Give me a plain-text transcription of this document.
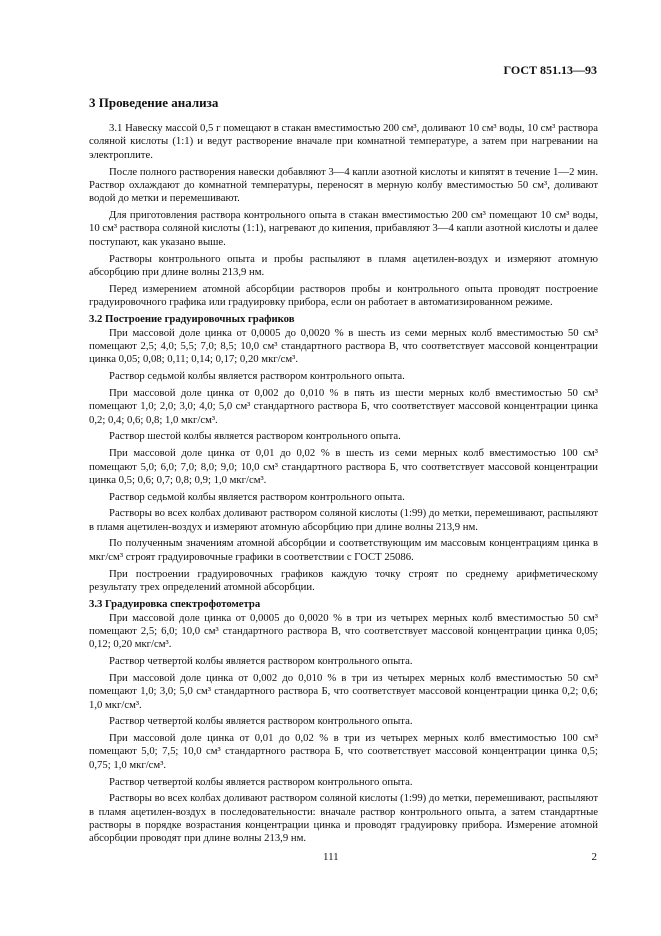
ГОСТ 851.13—93
3 Проведение анализа

3.1 Навеску массой 0,5 г помещают в стакан вместимостью 200 см³, доливают 10 см³ воды, 10 см³ раствора соляной кислоты (1:1) и ведут растворение вначале при комнатной температуре, а затем при нагревании на электроплите.

После полного растворения навески добавляют 3—4 капли азотной кислоты и кипятят в течение 1—2 мин. Раствор охлаждают до комнатной температуры, переносят в мерную колбу вместимостью 50 см³, доливают водой до метки и перемешивают.

Для приготовления раствора контрольного опыта в стакан вместимостью 200 см³ помещают 10 см³ воды, 10 см³ раствора соляной кислоты (1:1), нагревают до кипения, прибавляют 3—4 капли азотной кислоты и далее поступают, как указано выше.

Растворы контрольного опыта и пробы распыляют в пламя ацетилен-воздух и измеряют атомную абсорбцию при длине волны 213,9 нм.

Перед измерением атомной абсорбции растворов пробы и контрольного опыта проводят построение градуировочного графика или градуировку прибора, если он работает в автоматизированном режиме.

3.2 Построение градуировочных графиков

При массовой доле цинка от 0,0005 до 0,0020 % в шесть из семи мерных колб вместимостью 50 см³ помещают 2,5; 4,0; 5,5; 7,0; 8,5; 10,0 см³ стандартного раствора В, что соответствует массовой концентрации цинка 0,05; 0,08; 0,11; 0,14; 0,17; 0,20 мкг/см³.

Раствор седьмой колбы является раствором контрольного опыта.

При массовой доле цинка от 0,002 до 0,010 % в пять из шести мерных колб вместимостью 50 см³ помещают 1,0; 2,0; 3,0; 4,0; 5,0 см³ стандартного раствора Б, что соответствует массовой концентрации цинка 0,2; 0,4; 0,6; 0,8; 1,0 мкг/см³.

Раствор шестой колбы является раствором контрольного опыта.

При массовой доле цинка от 0,01 до 0,02 % в шесть из семи мерных колб вместимостью 100 см³ помещают 5,0; 6,0; 7,0; 8,0; 9,0; 10,0 см³ стандартного раствора Б, что соответствует массовой концентрации цинка 0,5; 0,6; 0,7; 0,8; 0,9; 1,0 мкг/см³.

Раствор седьмой колбы является раствором контрольного опыта.

Растворы во всех колбах доливают раствором соляной кислоты (1:99) до метки, перемешивают, распыляют в пламя ацетилен-воздух и измеряют атомную абсорбцию при длине волны 213,9 нм.

По полученным значениям атомной абсорбции и соответствующим им массовым концентрациям цинка в мкг/см³ строят градуировочные графики в соответствии с ГОСТ 25086.

При построении градуировочных графиков каждую точку строят по среднему арифметическому результату трех определений атомной абсорбции.

3.3 Градуировка спектрофотометра

При массовой доле цинка от 0,0005 до 0,0020 % в три из четырех мерных колб вместимостью 50 см³ помещают 2,5; 6,0; 10,0 см³ стандартного раствора В, что соответствует массовой концентрации цинка 0,05; 0,12; 0,20 мкг/см³.

Раствор четвертой колбы является раствором контрольного опыта.

При массовой доле цинка от 0,002 до 0,010 % в три из четырех мерных колб вместимостью 50 см³ помещают 1,0; 3,0; 5,0 см³ стандартного раствора Б, что соответствует массовой концентрации цинка 0,2; 0,6; 1,0 мкг/см³.

Раствор четвертой колбы является раствором контрольного опыта.

При массовой доле цинка от 0,01 до 0,02 % в три из четырех мерных колб вместимостью 100 см³ помещают 5,0; 7,5; 10,0 см³ стандартного раствора Б, что соответствует массовой концентрации цинка 0,5; 0,75; 1,0 мкг/см³.

Раствор четвертой колбы является раствором контрольного опыта.

Растворы во всех колбах доливают раствором соляной кислоты (1:99) до метки, перемешивают, распыляют в пламя ацетилен-воздух в последовательности: вначале раствор контрольного опыта, а затем стандартные растворы в порядке возрастания концентрации цинка и проводят градуировку прибора. Измерение атомной абсорбции проводят при длине волны 213,9 нм.

111	2
